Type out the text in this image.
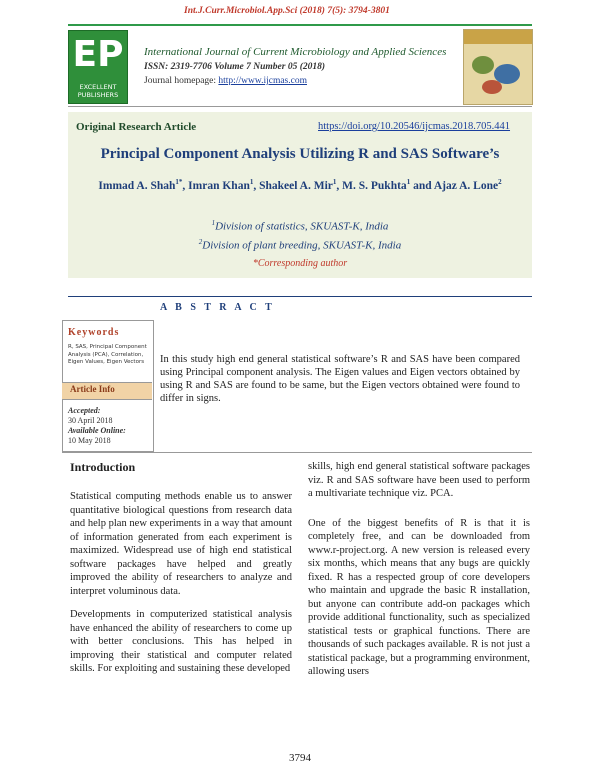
Int.J.Curr.Microbiol.App.Sci (2018) 7(5): 3794-3801
EP
EXCELLENT PUBLISHERS
International Journal of Current Microbiology and Applied Sciences
ISSN: 2319-7706 Volume 7 Number 05 (2018)
Journal homepage: http://www.ijcmas.com
Original Research Article	https://doi.org/10.20546/ijcmas.2018.705.441
Principal Component Analysis Utilizing R and SAS Software’s
Immad A. Shah$^{1*}$, Imran Khan$^1$, Shakeel A. Mir$^1$, M. S. Pukhta$^1$ and Ajaz A. Lone$^2$
$^1$Division of statistics, SKUAST-K, India
$^2$Division of plant breeding, SKUAST-K, India
*Corresponding author
A B S T R A C T
Keywords
R, SAS, Principal Component Analysis (PCA), Correlation, Eigen Values, Eigen Vectors
Article Info
Accepted:
30 April 2018
Available Online:
10 May 2018
In this study high end general statistical software’s R and SAS have been compared using Principal component analysis. The Eigen values and Eigen vectors obtained by using R and SAS are found to be same, but the Eigen vectors obtained were found to differ in signs.
Introduction

Statistical computing methods enable us to answer quantitative biological questions from research data and help plan new experiments in a way that amount of information generated from each experiment is maximized. Widespread use of high end statistical software packages have helped and greatly improved the ability of researchers to analyze and interpret voluminous data.

Developments in computerized statistical analysis have enhanced the ability of researchers to come up with better conclusions. This has helped in improving their statistical and computer related skills. For exploiting and sustaining these developed

skills, high end general statistical software packages viz. R and SAS software have been used to perform a multivariate technique viz. PCA.

One of the biggest benefits of R is that it is completely free, and can be downloaded from www.r-project.org. A new version is released every six months, which means that any bugs are quickly fixed. R has a respected group of core developers who maintain and upgrade the basic R installation, but anyone can contribute add-on packages which provide additional functionality, such as specialized statistical tests or graphical functions. There are thousands of such packages available. R is not just a statistical package, but a programming environment, allowing users

3794
